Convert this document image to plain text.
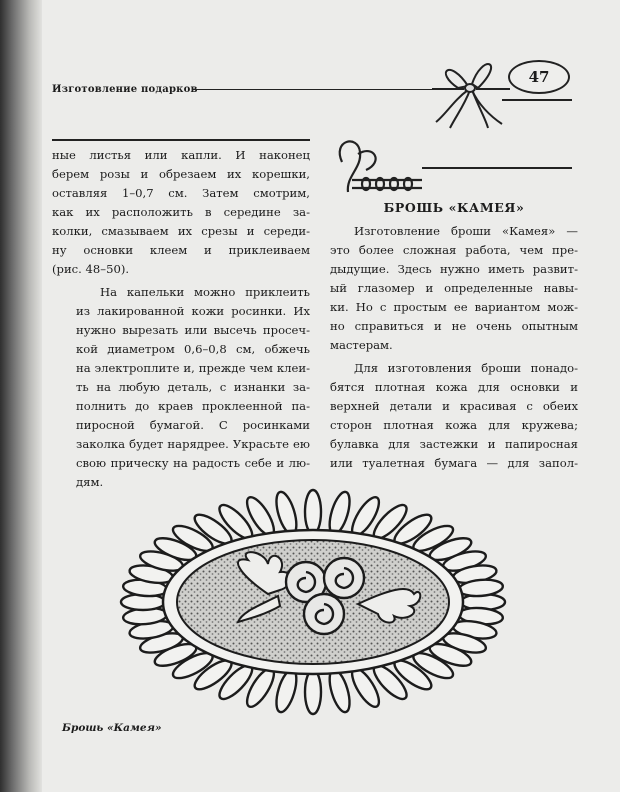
Изготовление подарков
47

ные листья или капли. И наконец
берем розы и обрезаем их корешки,
оставляя 1–0,7 см. Затем смотрим,
как их расположить в середине за-
колки, смазываем их срезы и середи-
ну основки клеем и приклеиваем
(рис. 48–50).

На капельки можно приклеить
из лакированной кожи росинки. Их
нужно вырезать или высечь просеч-
кой диаметром 0,6–0,8 см, обжечь
на электроплите и, прежде чем клеи-
ть на любую деталь, с изнанки за-
полнить до краев проклеенной па-
пиросной бумагой. С росинками
заколка будет нарядрее. Украсьте ею
свою прическу на радость себе и лю-
дям.

БРОШЬ «КАМЕЯ»

Изготовление броши «Камея» —
это более сложная работа, чем пре-
дыдущие. Здесь нужно иметь развит-
ый глазомер и определенные навы-
ки. Но с простым ее вариантом мож-
но справиться и не очень опытным
мастерам.

Для изготовления броши понадо-
бятся плотная кожа для основки и
верхней детали и красивая с обеих
сторон плотная кожа для кружева;
булавка для застежки и папиросная
или туалетная бумага — для запол-

Брошь «Камея»
